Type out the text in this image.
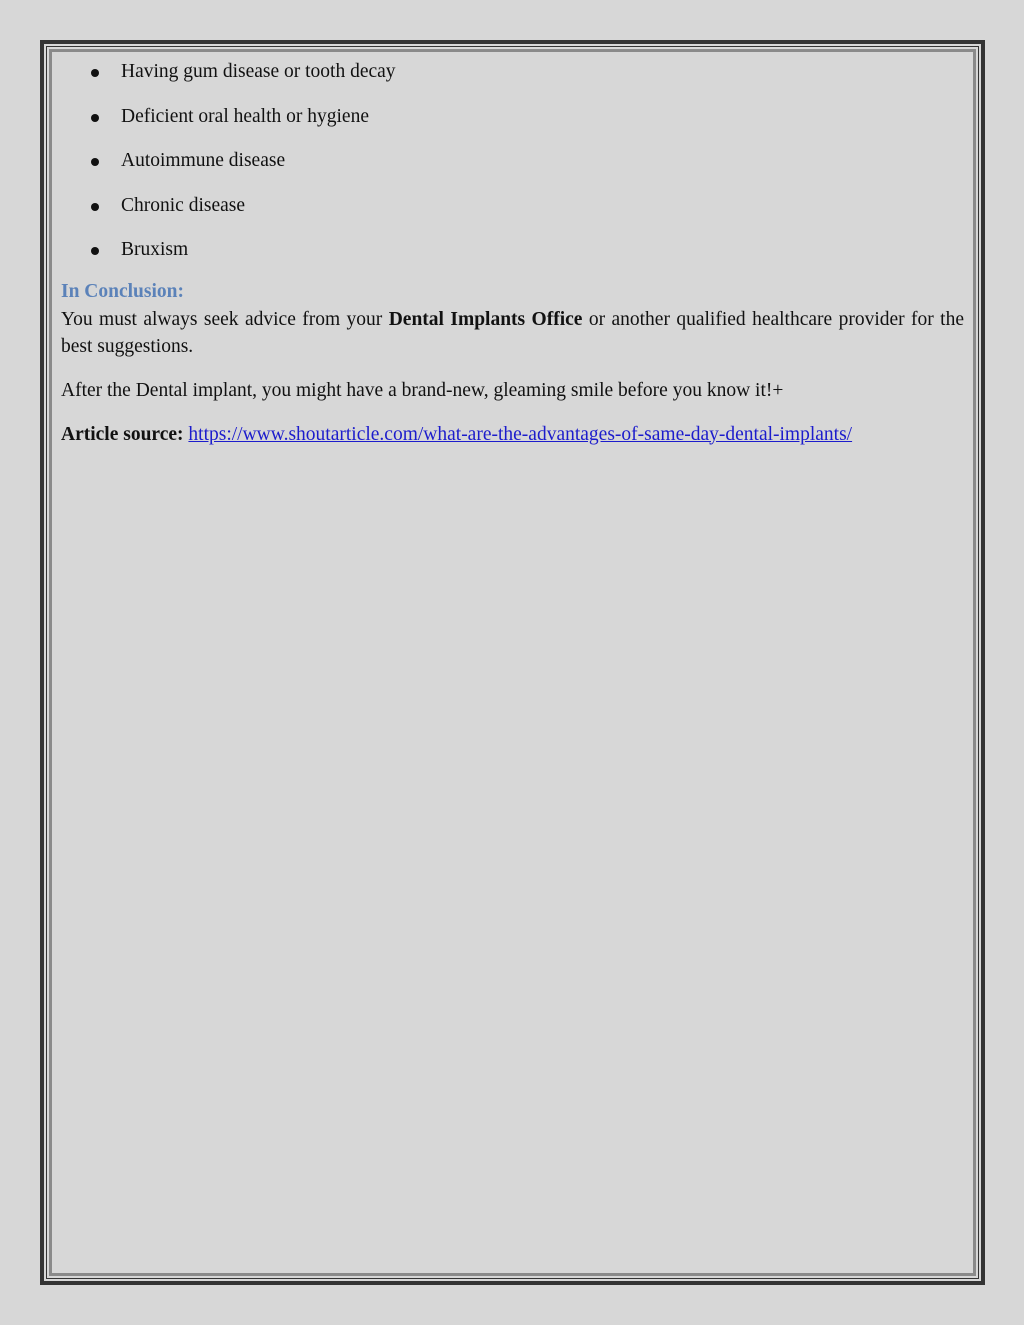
Having gum disease or tooth decay
Deficient oral health or hygiene
Autoimmune disease
Chronic disease
Bruxism
In Conclusion:

You must always seek advice from your Dental Implants Office or another qualified healthcare provider for the best suggestions.

After the Dental implant, you might have a brand-new, gleaming smile before you know it!+

Article source: https://www.shoutarticle.com/what-are-the-advantages-of-same-day-dental-implants/
